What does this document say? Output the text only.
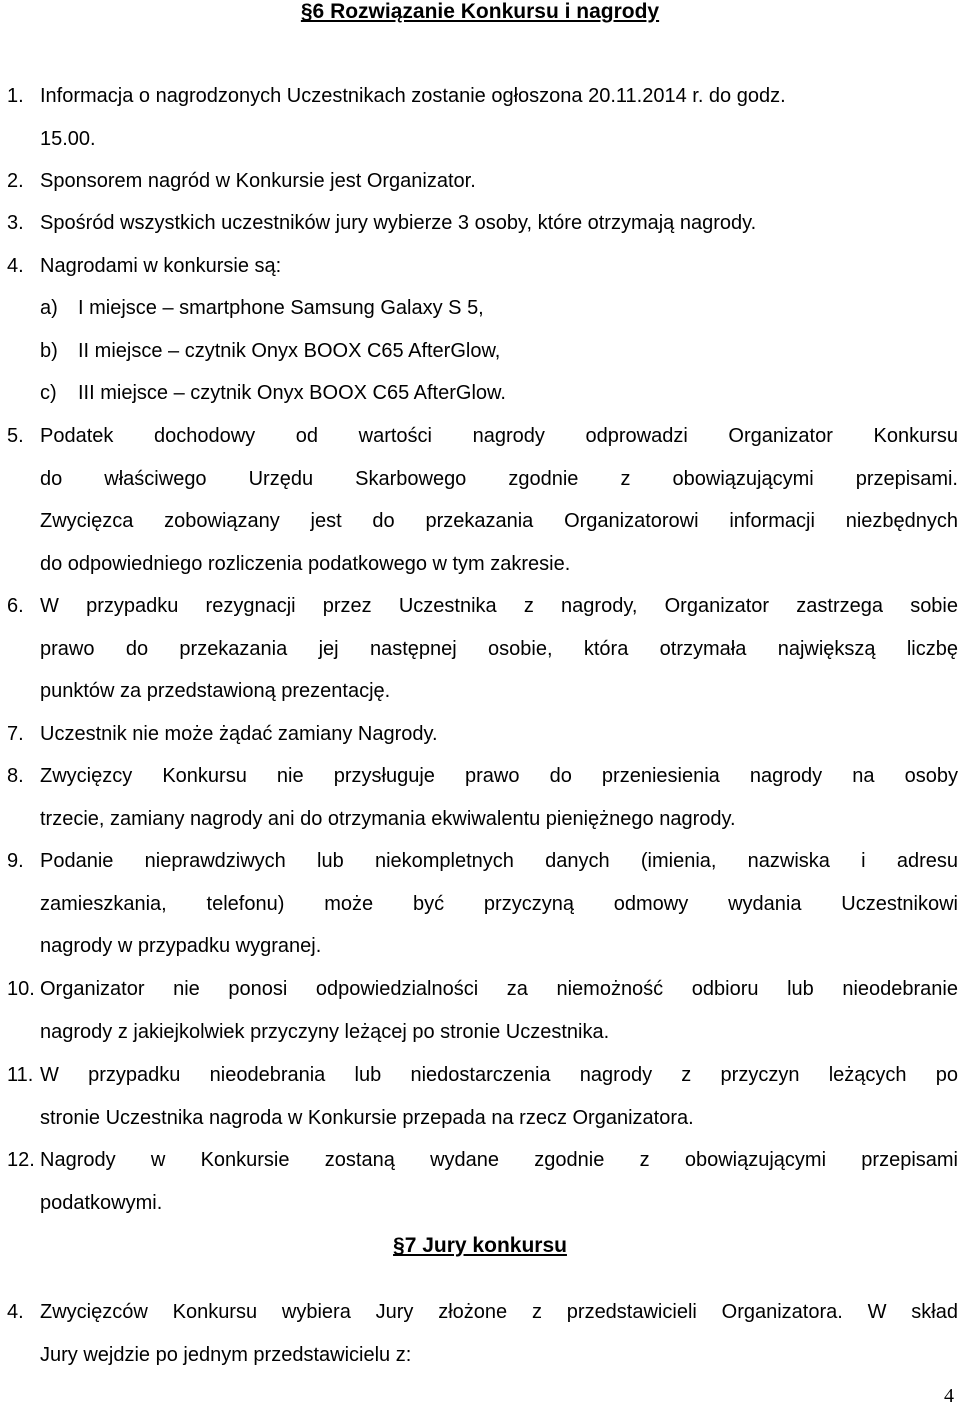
§6 Rozwiązanie Konkursu i nagrody
1. Informacja o nagrodzonych Uczestnikach zostanie ogłoszona 20.11.2014 r. do godz.
15.00.
2. Sponsorem nagród w Konkursie jest Organizator.
3. Spośród wszystkich uczestników jury wybierze 3 osoby, które otrzymają nagrody.
4. Nagrodami w konkursie są:
a) I miejsce – smartphone Samsung Galaxy S 5,
b) II miejsce – czytnik Onyx BOOX C65 AfterGlow,
c) III miejsce – czytnik Onyx BOOX C65 AfterGlow.
5. Podatek dochodowy od wartości nagrody odprowadzi Organizator Konkursu
do właściwego Urzędu Skarbowego zgodnie z obowiązującymi przepisami.
Zwycięzca zobowiązany jest do przekazania Organizatorowi informacji niezbędnych
do odpowiedniego rozliczenia podatkowego w tym zakresie.
6. W przypadku rezygnacji przez Uczestnika z nagrody, Organizator zastrzega sobie
prawo do przekazania jej następnej osobie, która otrzymała największą liczbę
punktów za przedstawioną prezentację.
7. Uczestnik nie może żądać zamiany Nagrody.
8. Zwycięzcy Konkursu nie przysługuje prawo do przeniesienia nagrody na osoby
trzecie, zamiany nagrody ani do otrzymania ekwiwalentu pieniężnego nagrody.
9. Podanie nieprawdziwych lub niekompletnych danych (imienia, nazwiska i adresu
zamieszkania, telefonu) może być przyczyną odmowy wydania Uczestnikowi
nagrody w przypadku wygranej.
10. Organizator nie ponosi odpowiedzialności za niemożność odbioru lub nieodebranie
nagrody z jakiejkolwiek przyczyny leżącej po stronie Uczestnika.
11. W przypadku nieodebrania lub niedostarczenia nagrody z przyczyn leżących po
stronie Uczestnika nagroda w Konkursie przepada na rzecz Organizatora.
12. Nagrody w Konkursie zostaną wydane zgodnie z obowiązującymi przepisami
podatkowymi.
§7 Jury konkursu
4. Zwycięzców Konkursu wybiera Jury złożone z przedstawicieli Organizatora. W skład
Jury wejdzie po jednym przedstawicielu z:
4
